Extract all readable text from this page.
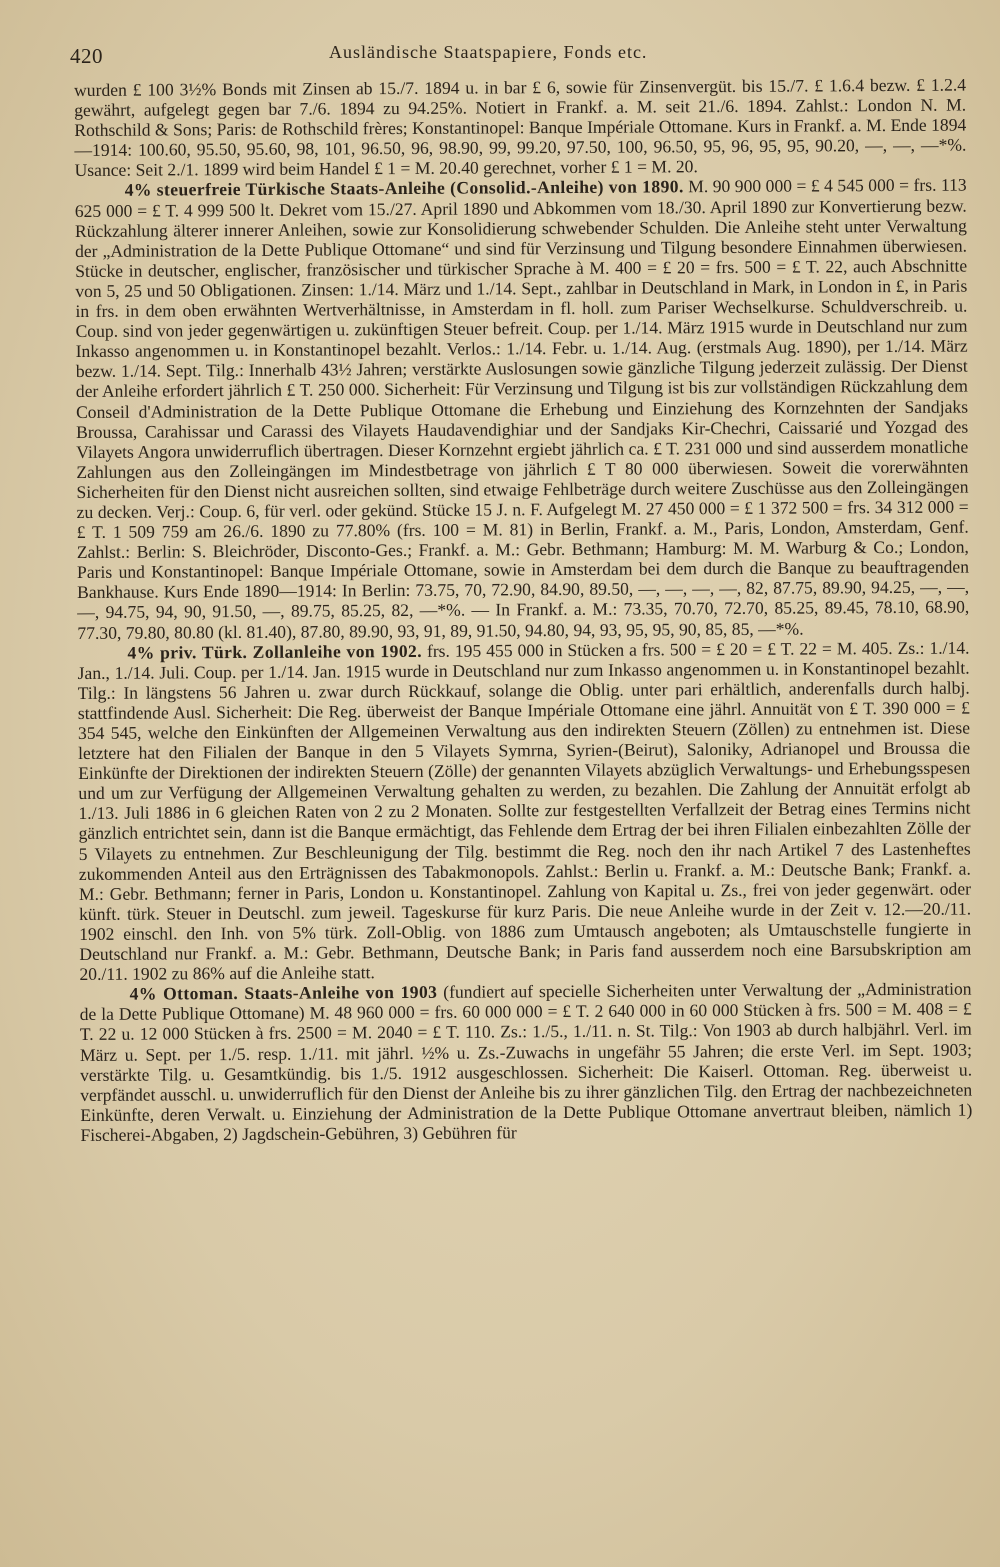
420	Ausländische Staatspapiere, Fonds etc.

wurden £ 100 3½% Bonds mit Zinsen ab 15./7. 1894 u. in bar £ 6, sowie für Zinsenvergüt. bis 15./7. £ 1.6.4 bezw. £ 1.2.4 gewährt, aufgelegt gegen bar 7./6. 1894 zu 94.25%. Notiert in Frankf. a. M. seit 21./6. 1894. Zahlst.: London N. M. Rothschild & Sons; Paris: de Rothschild frères; Konstantinopel: Banque Impériale Ottomane. Kurs in Frankf. a. M. Ende 1894—1914: 100.60, 95.50, 95.60, 98, 101, 96.50, 96, 98.90, 99, 99.20, 97.50, 100, 96.50, 95, 96, 95, 95, 90.20, —, —, —*%. Usance: Seit 2./1. 1899 wird beim Handel £ 1 = M. 20.40 gerechnet, vorher £ 1 = M. 20.

4% steuerfreie Türkische Staats-Anleihe (Consolid.-Anleihe) von 1890. M. 90 900 000 = £ 4 545 000 = frs. 113 625 000 = £ T. 4 999 500 lt. Dekret vom 15./27. April 1890 und Abkommen vom 18./30. April 1890 zur Konvertierung bezw. Rückzahlung älterer innerer Anleihen, sowie zur Konsolidierung schwebender Schulden. Die Anleihe steht unter Verwaltung der „Administration de la Dette Publique Ottomane“ und sind für Verzinsung und Tilgung besondere Einnahmen überwiesen. Stücke in deutscher, englischer, französischer und türkischer Sprache à M. 400 = £ 20 = frs. 500 = £ T. 22, auch Abschnitte von 5, 25 und 50 Obligationen. Zinsen: 1./14. März und 1./14. Sept., zahlbar in Deutschland in Mark, in London in £, in Paris in frs. in dem oben erwähnten Wertverhältnisse, in Amsterdam in fl. holl. zum Pariser Wechselkurse. Schuldverschreib. u. Coup. sind von jeder gegenwärtigen u. zukünftigen Steuer befreit. Coup. per 1./14. März 1915 wurde in Deutschland nur zum Inkasso angenommen u. in Konstantinopel bezahlt. Verlos.: 1./14. Febr. u. 1./14. Aug. (erstmals Aug. 1890), per 1./14. März bezw. 1./14. Sept. Tilg.: Innerhalb 43½ Jahren; verstärkte Auslosungen sowie gänzliche Tilgung jederzeit zulässig. Der Dienst der Anleihe erfordert jährlich £ T. 250 000. Sicherheit: Für Verzinsung und Tilgung ist bis zur vollständigen Rückzahlung dem Conseil d'Administration de la Dette Publique Ottomane die Erhebung und Einziehung des Kornzehnten der Sandjaks Broussa, Carahissar und Carassi des Vilayets Haudavendighiar und der Sandjaks Kir-Chechri, Caissarié und Yozgad des Vilayets Angora unwiderruflich übertragen. Dieser Kornzehnt ergiebt jährlich ca. £ T. 231 000 und sind ausserdem monatliche Zahlungen aus den Zolleingängen im Mindestbetrage von jährlich £ T 80 000 überwiesen. Soweit die vorerwähnten Sicherheiten für den Dienst nicht ausreichen sollten, sind etwaige Fehlbeträge durch weitere Zuschüsse aus den Zolleingängen zu decken. Verj.: Coup. 6, für verl. oder gekünd. Stücke 15 J. n. F. Aufgelegt M. 27 450 000 = £ 1 372 500 = frs. 34 312 000 = £ T. 1 509 759 am 26./6. 1890 zu 77.80% (frs. 100 = M. 81) in Berlin, Frankf. a. M., Paris, London, Amsterdam, Genf. Zahlst.: Berlin: S. Bleichröder, Disconto-Ges.; Frankf. a. M.: Gebr. Bethmann; Hamburg: M. M. Warburg & Co.; London, Paris und Konstantinopel: Banque Impériale Ottomane, sowie in Amsterdam bei dem durch die Banque zu beauftragenden Bankhause. Kurs Ende 1890—1914: In Berlin: 73.75, 70, 72.90, 84.90, 89.50, —, —, —, —, 82, 87.75, 89.90, 94.25, —, —, —, 94.75, 94, 90, 91.50, —, 89.75, 85.25, 82, —*%. — In Frankf. a. M.: 73.35, 70.70, 72.70, 85.25, 89.45, 78.10, 68.90, 77.30, 79.80, 80.80 (kl. 81.40), 87.80, 89.90, 93, 91, 89, 91.50, 94.80, 94, 93, 95, 95, 90, 85, 85, —*%.

4% priv. Türk. Zollanleihe von 1902. frs. 195 455 000 in Stücken a frs. 500 = £ 20 = £ T. 22 = M. 405. Zs.: 1./14. Jan., 1./14. Juli. Coup. per 1./14. Jan. 1915 wurde in Deutschland nur zum Inkasso angenommen u. in Konstantinopel bezahlt. Tilg.: In längstens 56 Jahren u. zwar durch Rückkauf, solange die Oblig. unter pari erhältlich, anderenfalls durch halbj. stattfindende Ausl. Sicherheit: Die Reg. überweist der Banque Impériale Ottomane eine jährl. Annuität von £ T. 390 000 = £ 354 545, welche den Einkünften der Allgemeinen Verwaltung aus den indirekten Steuern (Zöllen) zu entnehmen ist. Diese letztere hat den Filialen der Banque in den 5 Vilayets Symrna, Syrien-(Beirut), Saloniky, Adrianopel und Broussa die Einkünfte der Direktionen der indirekten Steuern (Zölle) der genannten Vilayets abzüglich Verwaltungs- und Erhebungsspesen und um zur Verfügung der Allgemeinen Verwaltung gehalten zu werden, zu bezahlen. Die Zahlung der Annuität erfolgt ab 1./13. Juli 1886 in 6 gleichen Raten von 2 zu 2 Monaten. Sollte zur festgestellten Verfallzeit der Betrag eines Termins nicht gänzlich entrichtet sein, dann ist die Banque ermächtigt, das Fehlende dem Ertrag der bei ihren Filialen einbezahlten Zölle der 5 Vilayets zu entnehmen. Zur Beschleunigung der Tilg. bestimmt die Reg. noch den ihr nach Artikel 7 des Lastenheftes zukommenden Anteil aus den Erträgnissen des Tabakmonopols. Zahlst.: Berlin u. Frankf. a. M.: Deutsche Bank; Frankf. a. M.: Gebr. Bethmann; ferner in Paris, London u. Konstantinopel. Zahlung von Kapital u. Zs., frei von jeder gegenwärt. oder künft. türk. Steuer in Deutschl. zum jeweil. Tageskurse für kurz Paris. Die neue Anleihe wurde in der Zeit v. 12.—20./11. 1902 einschl. den Inh. von 5% türk. Zoll-Oblig. von 1886 zum Umtausch angeboten; als Umtauschstelle fungierte in Deutschland nur Frankf. a. M.: Gebr. Bethmann, Deutsche Bank; in Paris fand ausserdem noch eine Barsubskription am 20./11. 1902 zu 86% auf die Anleihe statt.

4% Ottoman. Staats-Anleihe von 1903 (fundiert auf specielle Sicherheiten unter Verwaltung der „Administration de la Dette Publique Ottomane) M. 48 960 000 = frs. 60 000 000 = £ T. 2 640 000 in 60 000 Stücken à frs. 500 = M. 408 = £ T. 22 u. 12 000 Stücken à frs. 2500 = M. 2040 = £ T. 110. Zs.: 1./5., 1./11. n. St. Tilg.: Von 1903 ab durch halbjährl. Verl. im März u. Sept. per 1./5. resp. 1./11. mit jährl. ½% u. Zs.-Zuwachs in ungefähr 55 Jahren; die erste Verl. im Sept. 1903; verstärkte Tilg. u. Gesamtkündig. bis 1./5. 1912 ausgeschlossen. Sicherheit: Die Kaiserl. Ottoman. Reg. überweist u. verpfändet ausschl. u. unwiderruflich für den Dienst der Anleihe bis zu ihrer gänzlichen Tilg. den Ertrag der nachbezeichneten Einkünfte, deren Verwalt. u. Einziehung der Administration de la Dette Publique Ottomane anvertraut bleiben, nämlich 1) Fischerei-Abgaben, 2) Jagdschein-Gebühren, 3) Gebühren für
